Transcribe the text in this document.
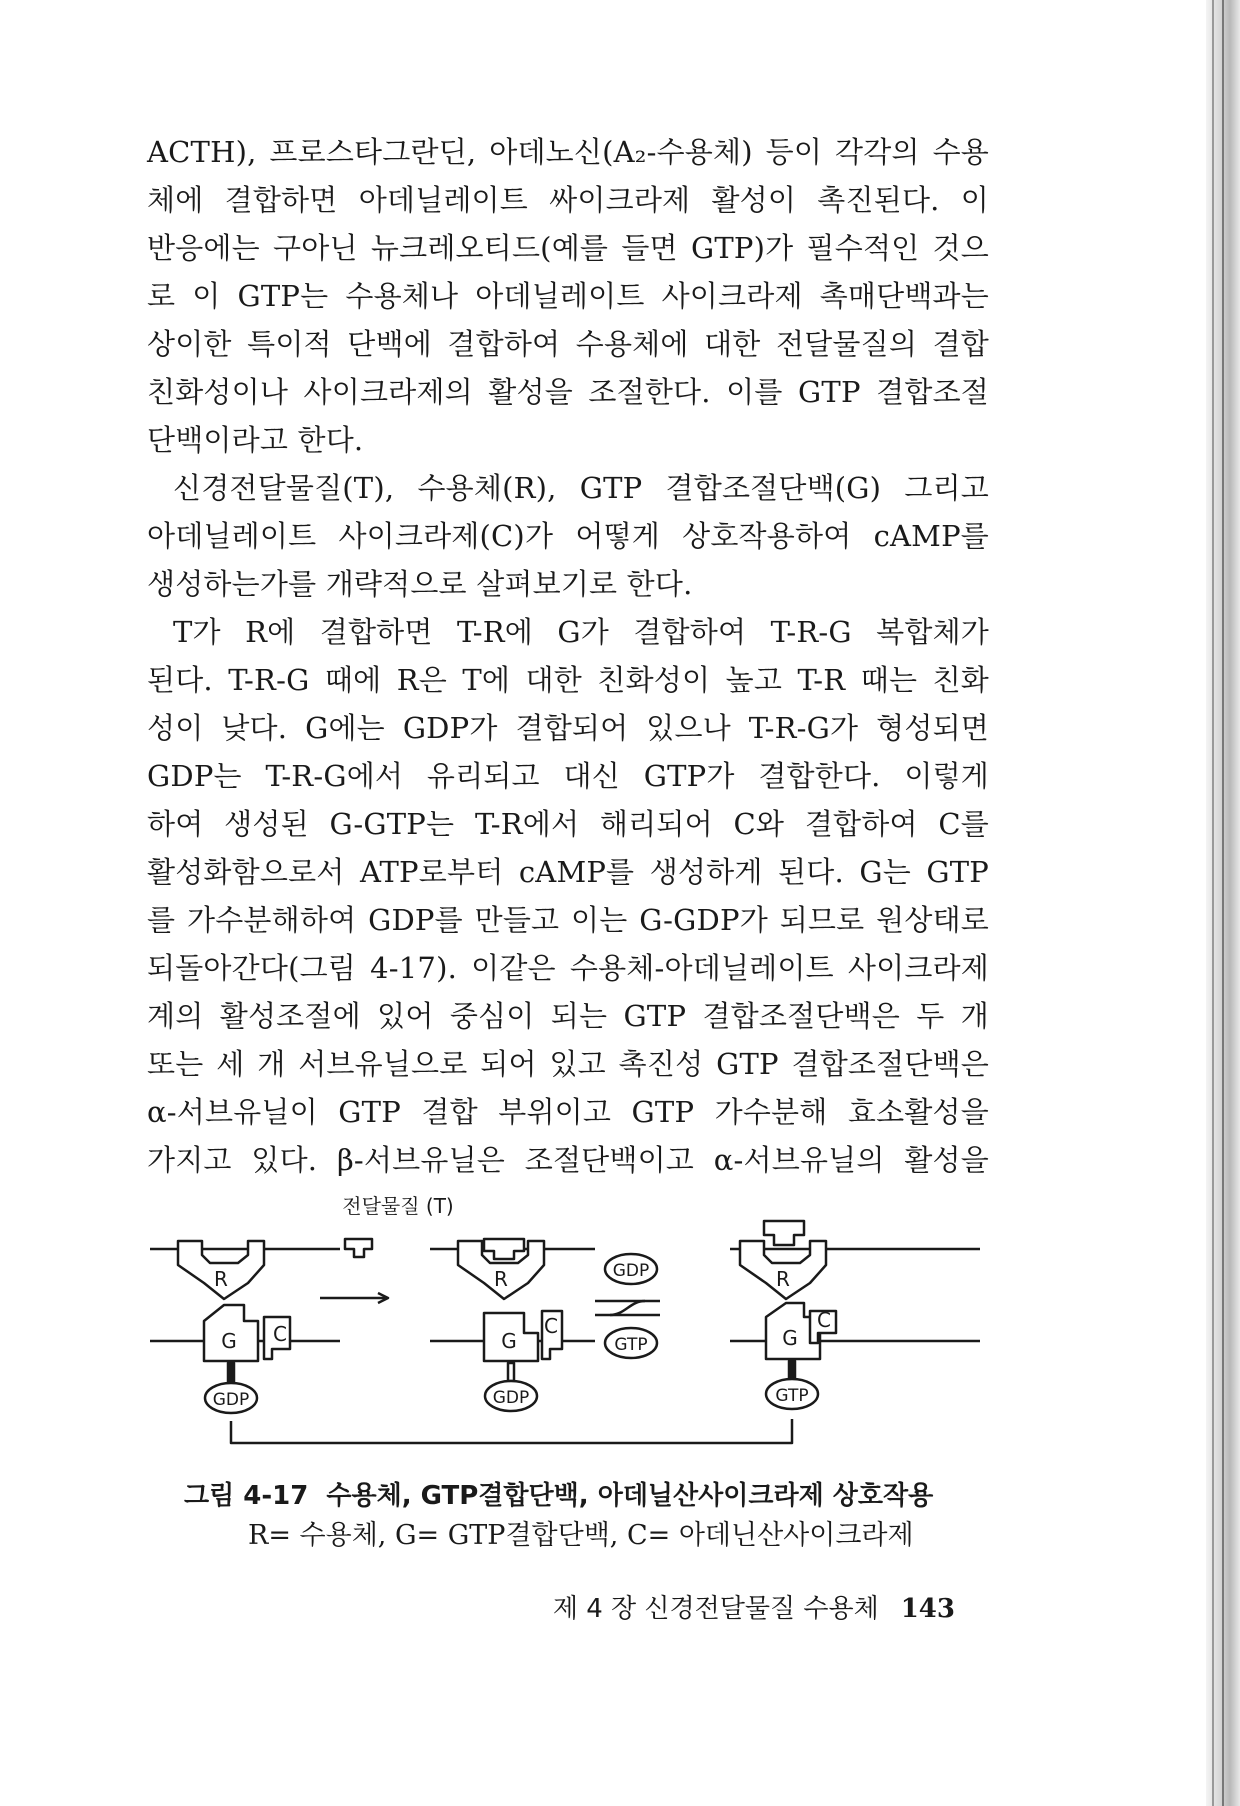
ACTH), 프로스타그란딘, 아데노신(A₂-수용체) 등이 각각의 수용
체에 결합하면 아데닐레이트 싸이크라제 활성이 촉진된다. 이
반응에는 구아닌 뉴크레오티드(예를 들면 GTP)가 필수적인 것으
로 이 GTP는 수용체나 아데닐레이트 사이크라제 촉매단백과는
상이한 특이적 단백에 결합하여 수용체에 대한 전달물질의 결합
친화성이나 사이크라제의 활성을 조절한다. 이를 GTP 결합조절
단백이라고 한다.
신경전달물질(T), 수용체(R), GTP 결합조절단백(G) 그리고
아데닐레이트 사이크라제(C)가 어떻게 상호작용하여 cAMP를
생성하는가를 개략적으로 살펴보기로 한다.
T가 R에 결합하면 T-R에 G가 결합하여 T-R-G 복합체가
된다. T-R-G 때에 R은 T에 대한 친화성이 높고 T-R 때는 친화
성이 낮다. G에는 GDP가 결합되어 있으나 T-R-G가 형성되면
GDP는 T-R-G에서 유리되고 대신 GTP가 결합한다. 이렇게
하여 생성된 G-GTP는 T-R에서 해리되어 C와 결합하여 C를
활성화함으로서 ATP로부터 cAMP를 생성하게 된다. G는 GTP
를 가수분해하여 GDP를 만들고 이는 G-GDP가 되므로 원상태로
되돌아간다(그림 4-17). 이같은 수용체-아데닐레이트 사이크라제
계의 활성조절에 있어 중심이 되는 GTP 결합조절단백은 두 개
또는 세 개 서브유닐으로 되어 있고 촉진성 GTP 결합조절단백은
α-서브유닐이 GTP 결합 부위이고 GTP 가수분해 효소활성을
가지고 있다. β-서브유닐은 조절단백이고 α-서브유닐의 활성을
전달물질 (T)
R
G C
GDP
R
G
C
GDP
GDP
GTP
R
G
C
GTP
그림 4-17 수용체, GTP결합단백, 아데닐산사이크라제 상호작용
R= 수용체, G= GTP결합단백, C= 아데닌산사이크라제
제 4 장 신경전달물질 수용체 143
